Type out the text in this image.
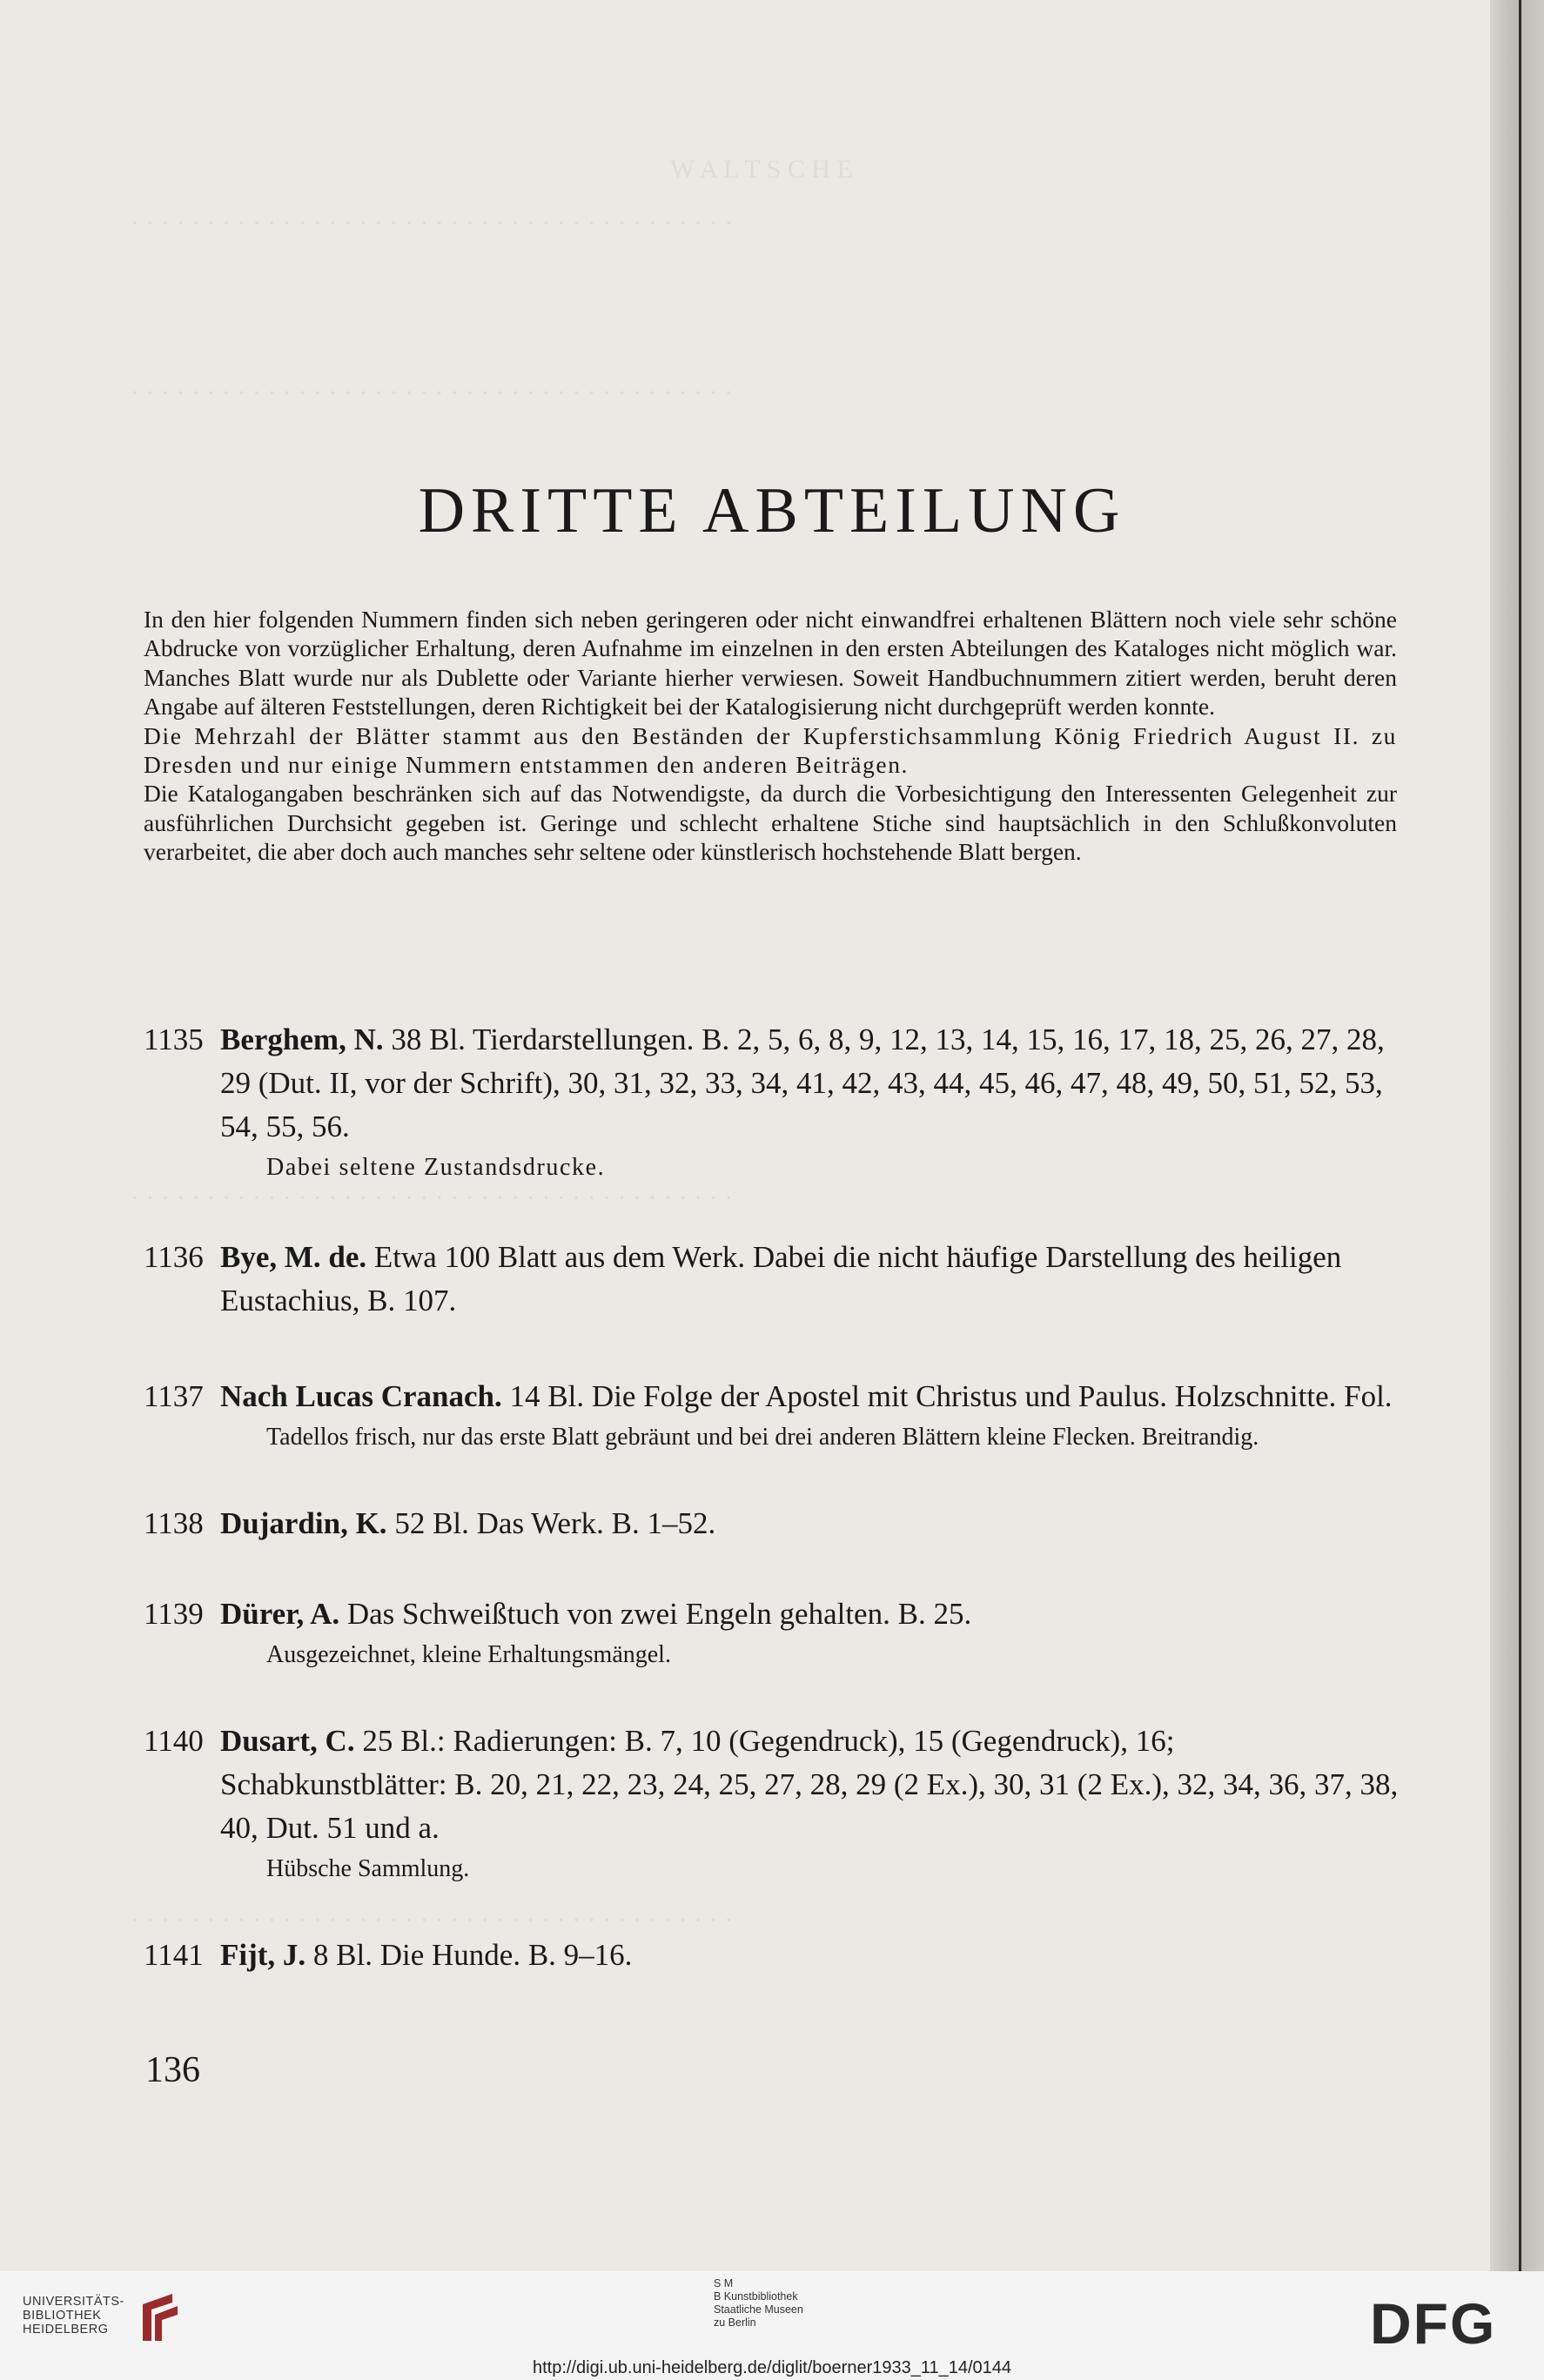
W A L T S C H E
· · · · · · · · · · · · · · · · · · · · · · · · · · · · · · · · · · · · · · · ·
· · · · · · · · · · · · · · · · · · · · · · · · · · · · · · · · · · · · · · · ·
· · · · · · · · · · · · · · · · · · · · · · · · · · · · · · · · · · · · · · · ·
· · · · · · · · · · · · · · · · · · · · · · · · · · · · · · · · · · · · · · · ·
DRITTE ABTEILUNG

In den hier folgenden Nummern finden sich neben geringeren oder nicht einwandfrei erhaltenen Blättern noch viele sehr schöne Abdrucke von vorzüglicher Erhaltung, deren Aufnahme im einzelnen in den ersten Abteilungen des Kataloges nicht möglich war. Manches Blatt wurde nur als Dublette oder Variante hierher verwiesen. Soweit Handbuchnummern zitiert werden, beruht deren Angabe auf älteren Feststellungen, deren Richtigkeit bei der Katalogisierung nicht durchgeprüft werden konnte.

Die Mehrzahl der Blätter stammt aus den Beständen der Kupferstichsammlung König Friedrich August II. zu Dresden und nur einige Nummern entstammen den anderen Beiträgen.

Die Katalogangaben beschränken sich auf das Notwendigste, da durch die Vorbesichtigung den Interessenten Gelegenheit zur ausführlichen Durchsicht gegeben ist. Geringe und schlecht erhaltene Stiche sind hauptsächlich in den Schlußkonvoluten verarbeitet, die aber doch auch manches sehr seltene oder künstlerisch hochstehende Blatt bergen.

1135 Berghem, N. 38 Bl. Tierdarstellungen. B. 2, 5, 6, 8, 9, 12, 13, 14, 15, 16, 17, 18, 25, 26, 27, 28, 29 (Dut. II, vor der Schrift), 30, 31, 32, 33, 34, 41, 42, 43, 44, 45, 46, 47, 48, 49, 50, 51, 52, 53, 54, 55, 56.
Dabei seltene Zustandsdrucke.
1136 Bye, M. de. Etwa 100 Blatt aus dem Werk. Dabei die nicht häufige Darstellung des heiligen Eustachius, B. 107.
1137 Nach Lucas Cranach. 14 Bl. Die Folge der Apostel mit Christus und Paulus. Holzschnitte. Fol.
Tadellos frisch, nur das erste Blatt gebräunt und bei drei anderen Blättern kleine Flecken. Breitrandig.
1138 Dujardin, K. 52 Bl. Das Werk. B. 1–52.
1139 Dürer, A. Das Schweißtuch von zwei Engeln gehalten. B. 25.
Ausgezeichnet, kleine Erhaltungsmängel.
1140 Dusart, C. 25 Bl.: Radierungen: B. 7, 10 (Gegendruck), 15 (Gegendruck), 16; Schabkunstblätter: B. 20, 21, 22, 23, 24, 25, 27, 28, 29 (2 Ex.), 30, 31 (2 Ex.), 32, 34, 36, 37, 38, 40, Dut. 51 und a.
Hübsche Sammlung.
1141 Fijt, J. 8 Bl. Die Hunde. B. 9–16.
136
UNIVERSITÄTS-
BIBLIOTHEK
HEIDELBERG
S M
B Kunstbibliothek
Staatliche Museen
zu Berlin	DFG
http://digi.ub.uni-heidelberg.de/diglit/boerner1933_11_14/0144
